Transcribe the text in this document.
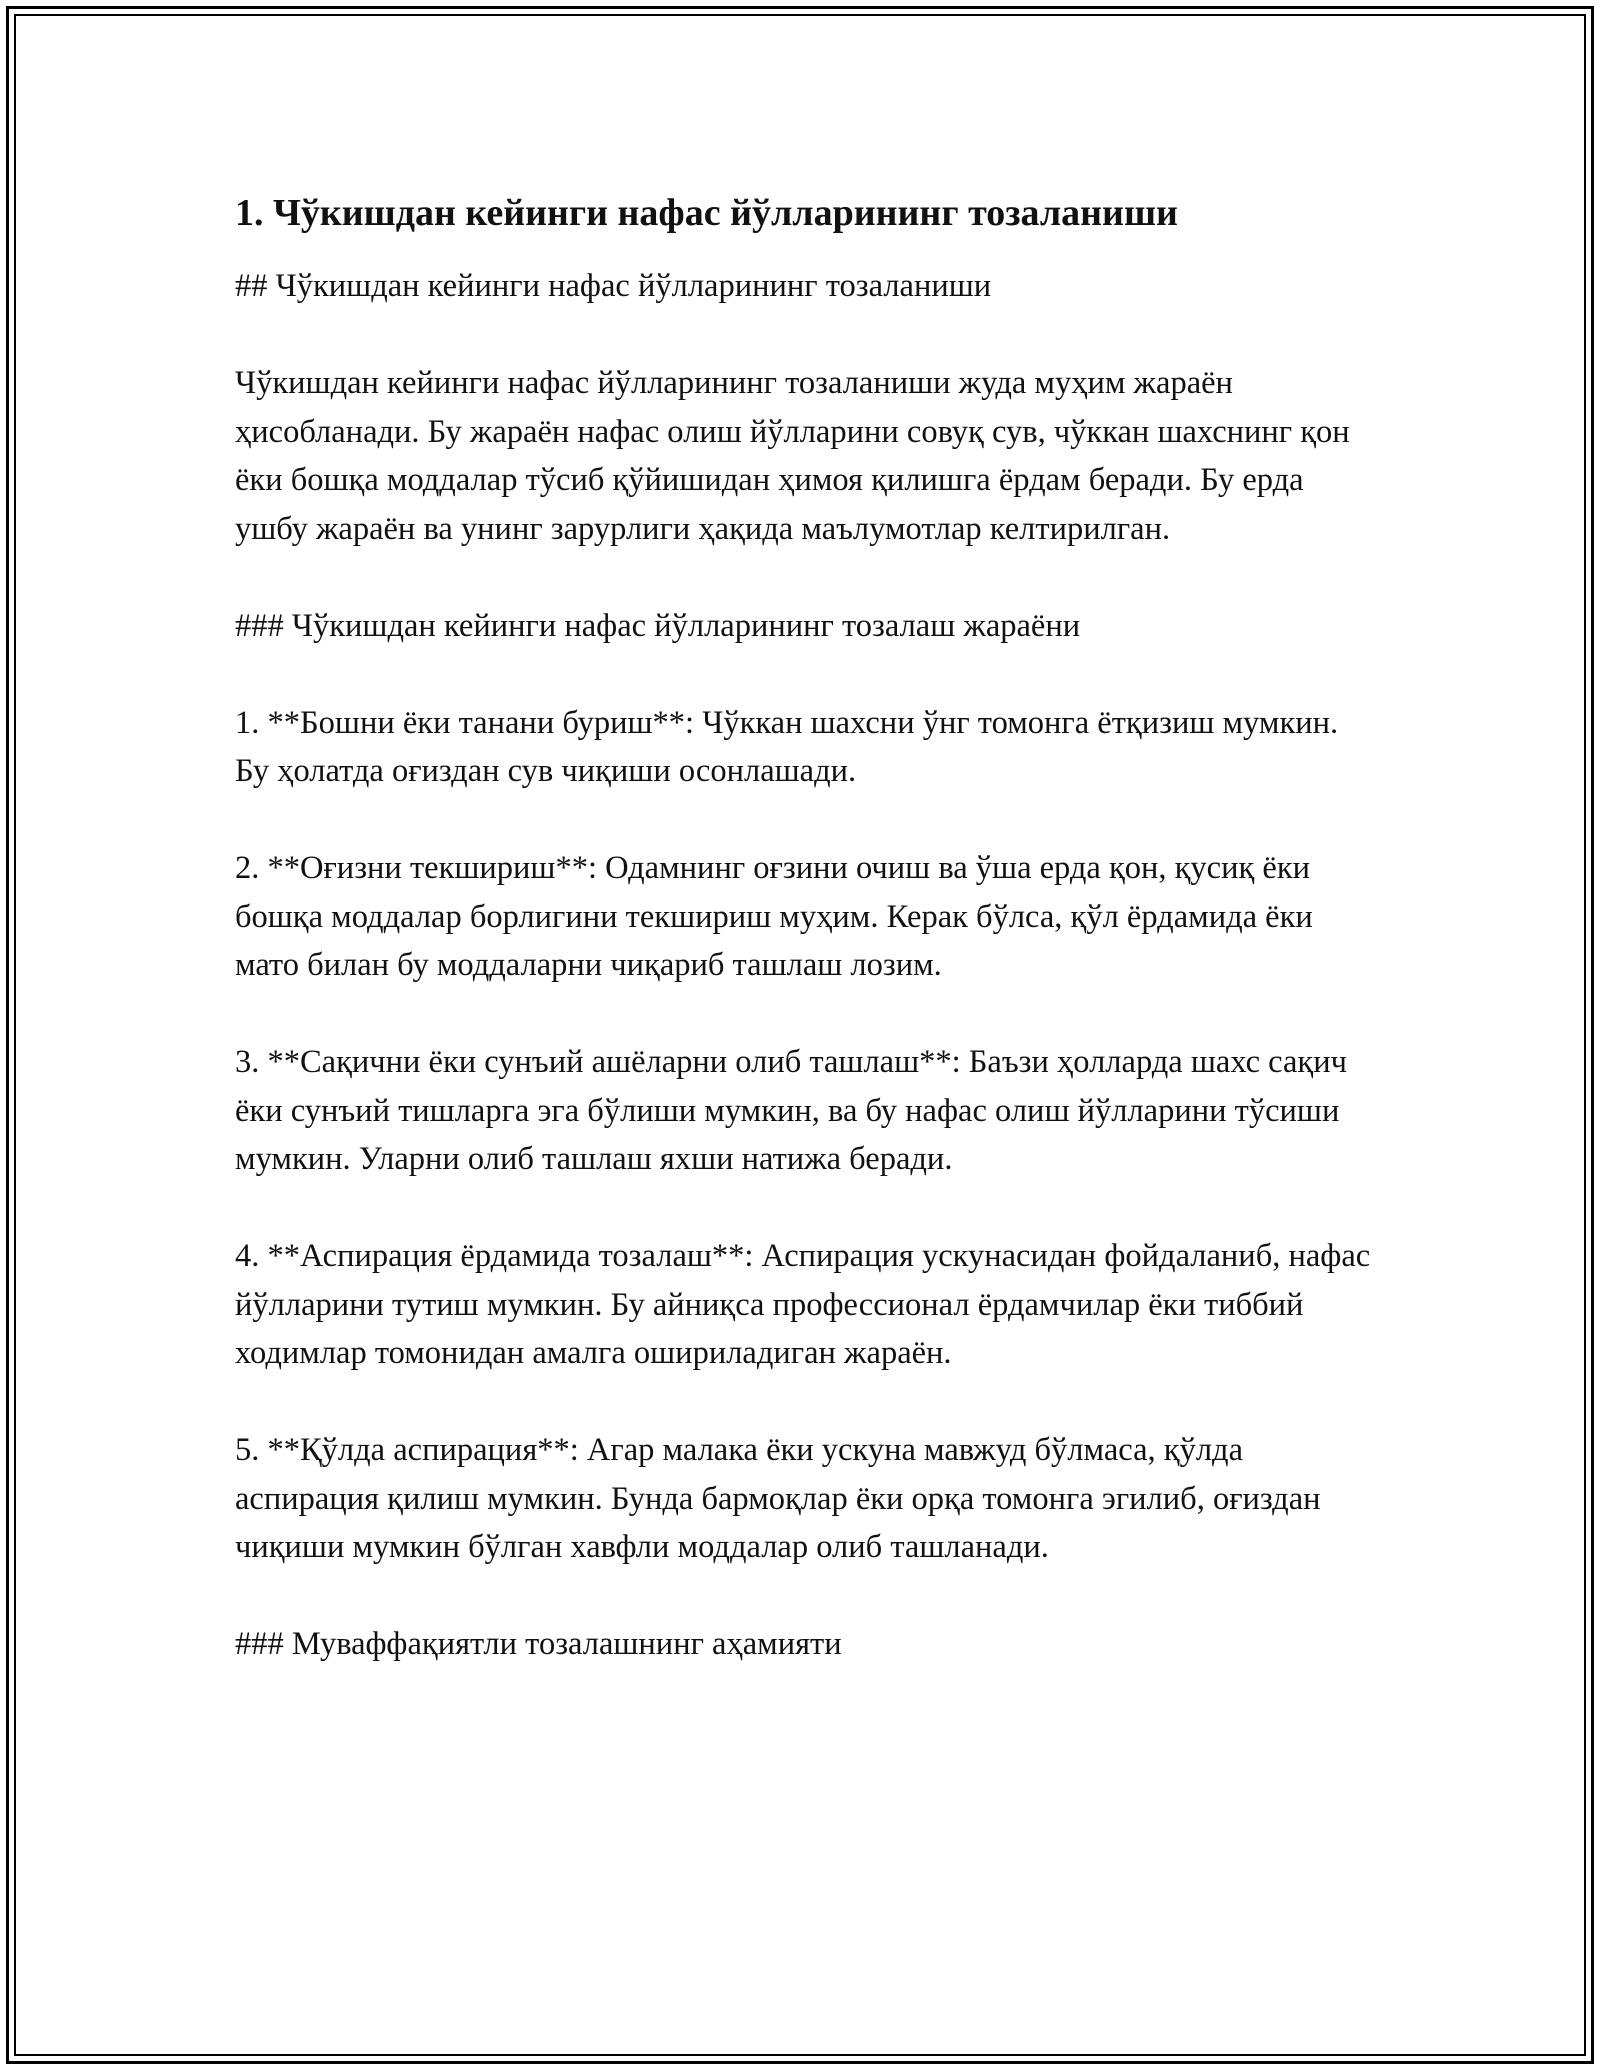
1. Чўкишдан кейинги нафас йўлларининг тозаланиши

## Чўкишдан кейинги нафас йўлларининг тозаланиши

Чўкишдан кейинги нафас йўлларининг тозаланиши жуда муҳим жараён ҳисобланади. Бу жараён нафас олиш йўлларини совуқ сув, чўккан шахснинг қон ёки бошқа моддалар тўсиб қўйишидан ҳимоя қилишга ёрдам беради. Бу ерда ушбу жараён ва унинг зарурлиги ҳақида маълумотлар келтирилган.

### Чўкишдан кейинги нафас йўлларининг тозалаш жараёни

1. **Бошни ёки танани буриш**: Чўккан шахсни ўнг томонга ётқизиш мумкин. Бу ҳолатда оғиздан сув чиқиши осонлашади.

2. **Оғизни текшириш**: Одамнинг оғзини очиш ва ўша ерда қон, қусиқ ёки бошқа моддалар борлигини текшириш муҳим. Керак бўлса, қўл ёрдамида ёки мато билан бу моддаларни чиқариб ташлаш лозим.

3. **Сақични ёки сунъий ашёларни олиб ташлаш**: Баъзи ҳолларда шахс сақич ёки сунъий тишларга эга бўлиши мумкин, ва бу нафас олиш йўлларини тўсиши мумкин. Уларни олиб ташлаш яхши натижа беради.

4. **Аспирация ёрдамида тозалаш**: Аспирация ускунасидан фойдаланиб, нафас йўлларини тутиш мумкин. Бу айниқса профессионал ёрдамчилар ёки тиббий ходимлар томонидан амалга ошириладиган жараён.

5. **Қўлда аспирация**: Агар малака ёки ускуна мавжуд бўлмаса, қўлда аспирация қилиш мумкин. Бунда бармоқлар ёки орқа томонга эгилиб, оғиздан чиқиши мумкин бўлган хавфли моддалар олиб ташланади.

### Муваффақиятли тозалашнинг аҳамияти
